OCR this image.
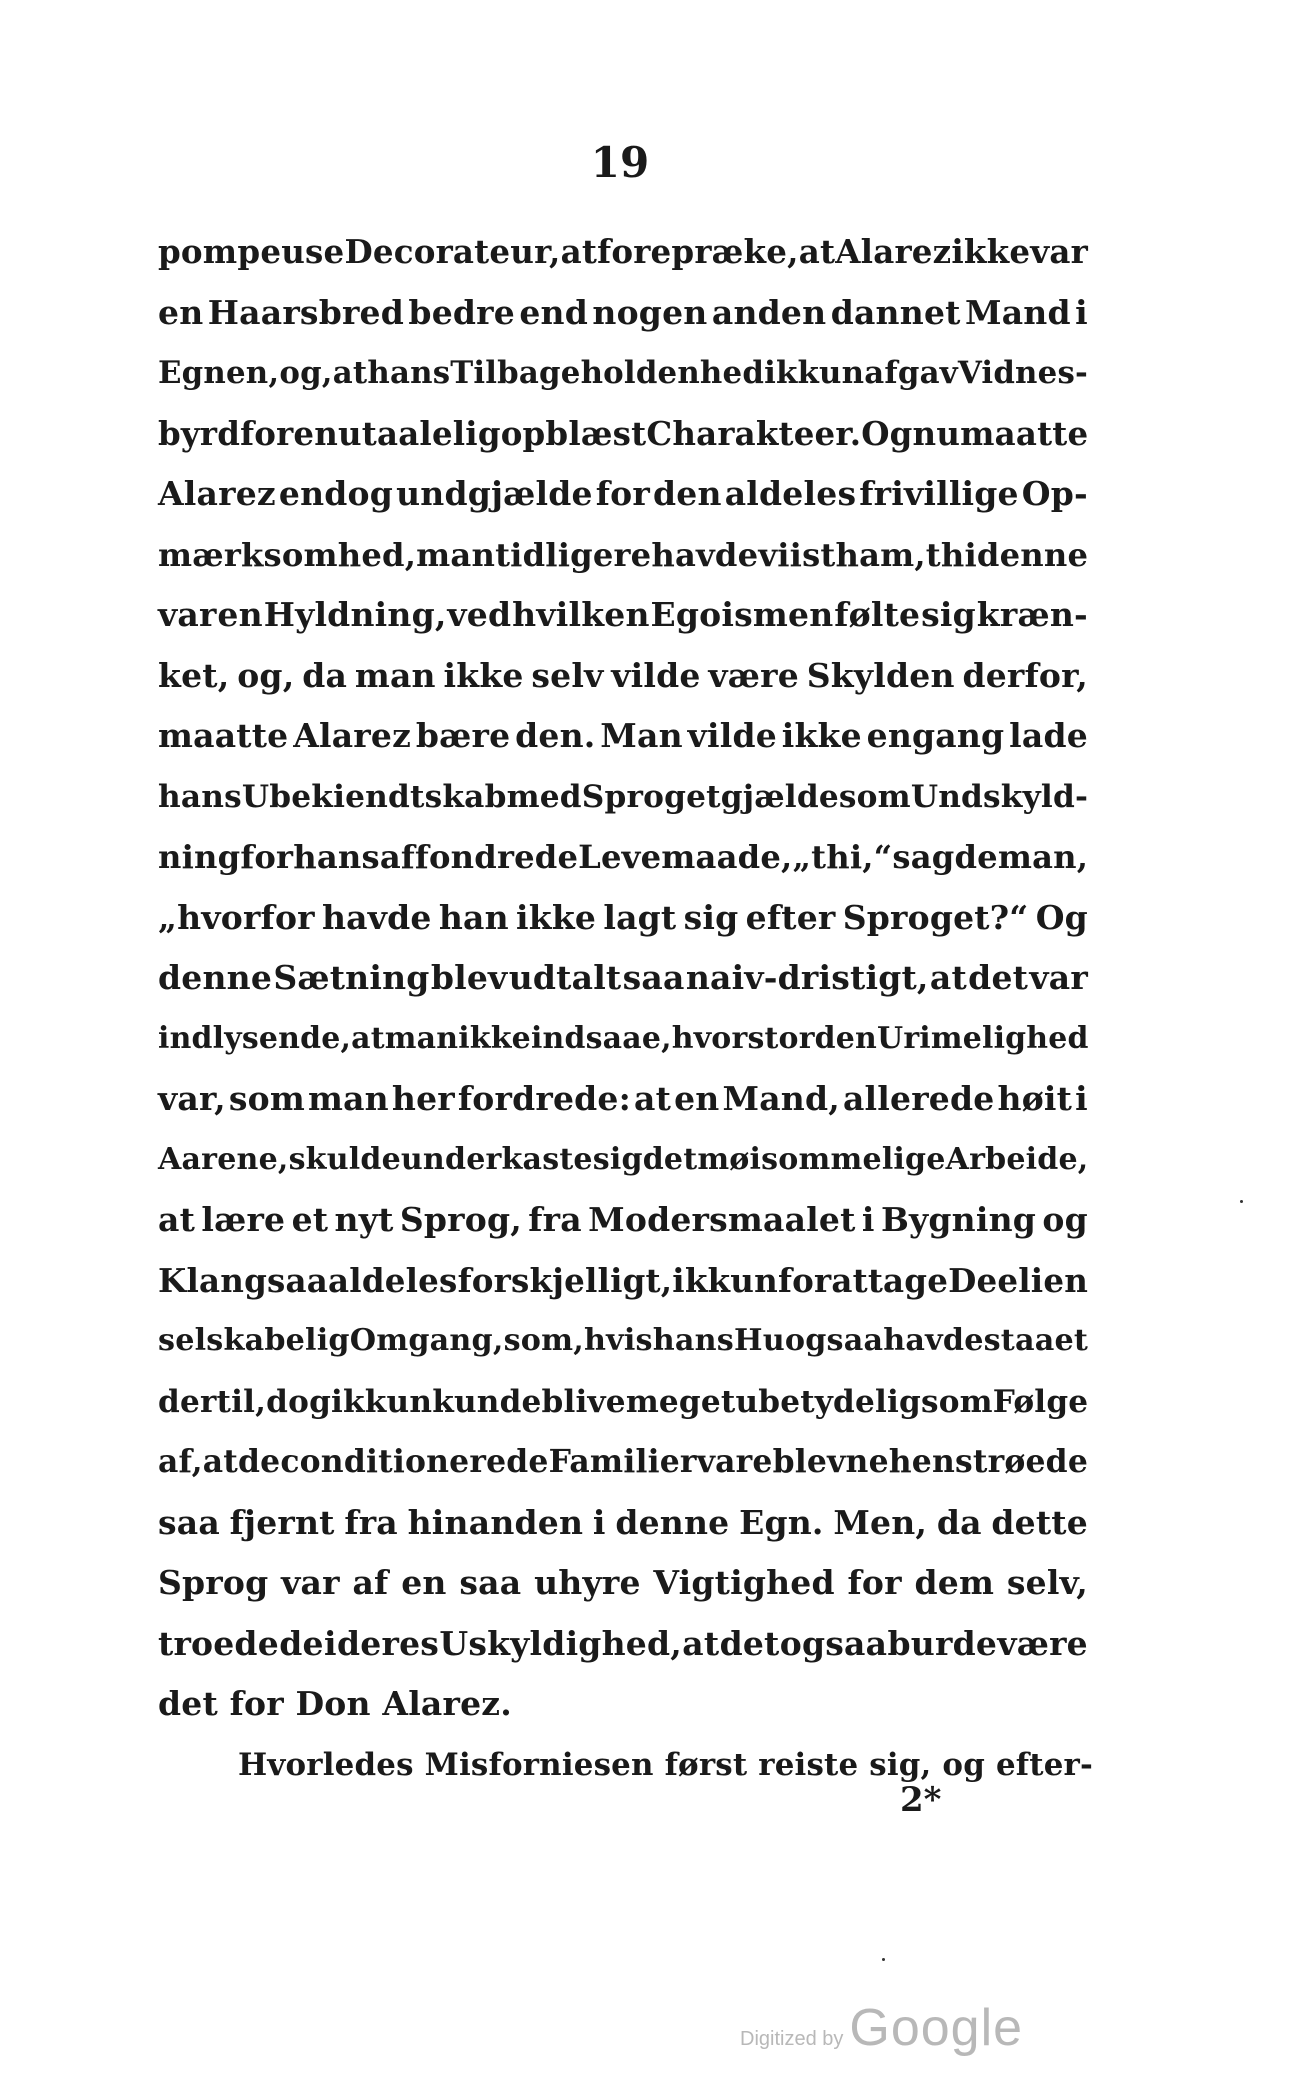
19
pompeuse Decorateur, at forepræke, at Alarez ikke var
en Haarsbred bedre end nogen anden dannet Mand i
Egnen, og, at hans Tilbageholdenhed ikkun afgav Vidnes-
byrd for en utaalelig opblæst Charakteer. Og nu maatte
Alarez endog undgjælde for den aldeles frivillige Op-
mærksomhed, man tidligere havde viist ham, thi denne
var en Hyldning, ved hvilken Egoismen følte sig kræn-
ket, og, da man ikke selv vilde være Skylden derfor,
maatte Alarez bære den. Man vilde ikke engang lade
hans Ubekiendtskab med Sproget gjælde som Undskyld-
ning for hans affondrede Levemaade, „thi,“ sagde man,
„hvorfor havde han ikke lagt sig efter Sproget?“ Og
denne Sætning blev udtalt saa naiv-dristigt, at det var
indlysende, at man ikke indsaae, hvor stor den Urimelighed
var, som man her fordrede: at en Mand, allerede høit i
Aarene, skulde underkaste sig det møisommelige Arbeide,
at lære et nyt Sprog, fra Modersmaalet i Bygning og
Klang saa aldeles forskjelligt, ikkun for at tage Deel i en
selskabelig Omgang, som, hvis hans Hu ogsaa havde staaet
dertil, dog ikkun kunde blive meget ubetydelig som Følge
af, at de conditionerede Familier vare blevne henstrøede
saa fjernt fra hinanden i denne Egn. Men, da dette
Sprog var af en saa uhyre Vigtighed for dem selv,
troede de i deres Uskyldighed, at det ogsaa burde være
det for Don Alarez.
Hvorledes Misforniesen først reiste sig, og efter-
2*
Digitized by Google
